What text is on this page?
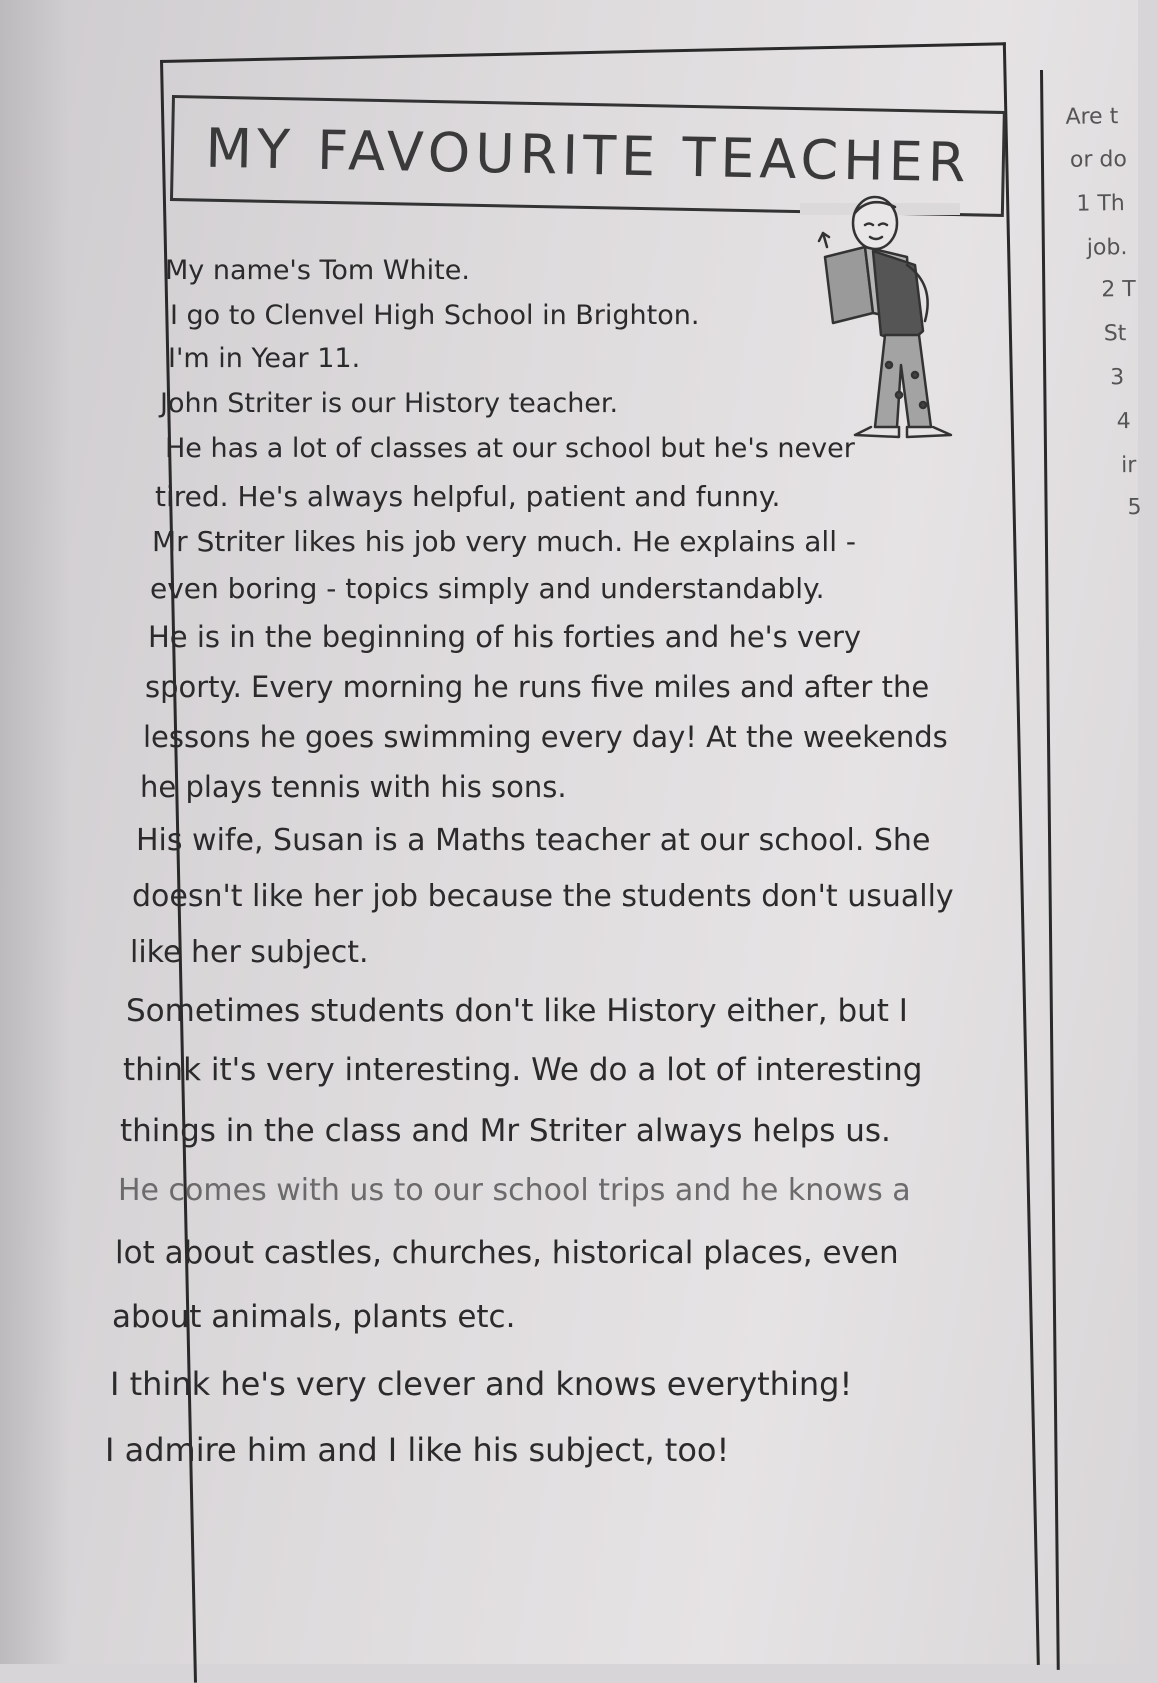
MY FAVOURITE TEACHER
My name's Tom White.
I go to Clenvel High School in Brighton.
I'm in Year 11.
John Striter is our History teacher.
He has a lot of classes at our school but he's never
tired. He's always helpful, patient and funny.
Mr Striter likes his job very much. He explains all -
even boring - topics simply and understandably.
He is in the beginning of his forties and he's very
sporty. Every morning he runs five miles and after the
lessons he goes swimming every day! At the weekends
he plays tennis with his sons.
His wife, Susan is a Maths teacher at our school. She
doesn't like her job because the students don't usually
like her subject.
Sometimes students don't like History either, but I
think it's very interesting. We do a lot of interesting
things in the class and Mr Striter always helps us.
He comes with us to our school trips and he knows a
lot about castles, churches, historical places, even
about animals, plants etc.
I think he's very clever and knows everything!
I admire him and I like his subject, too!
Are t
or do
1 Th
job.
2 T
St
3
4
ir
5
